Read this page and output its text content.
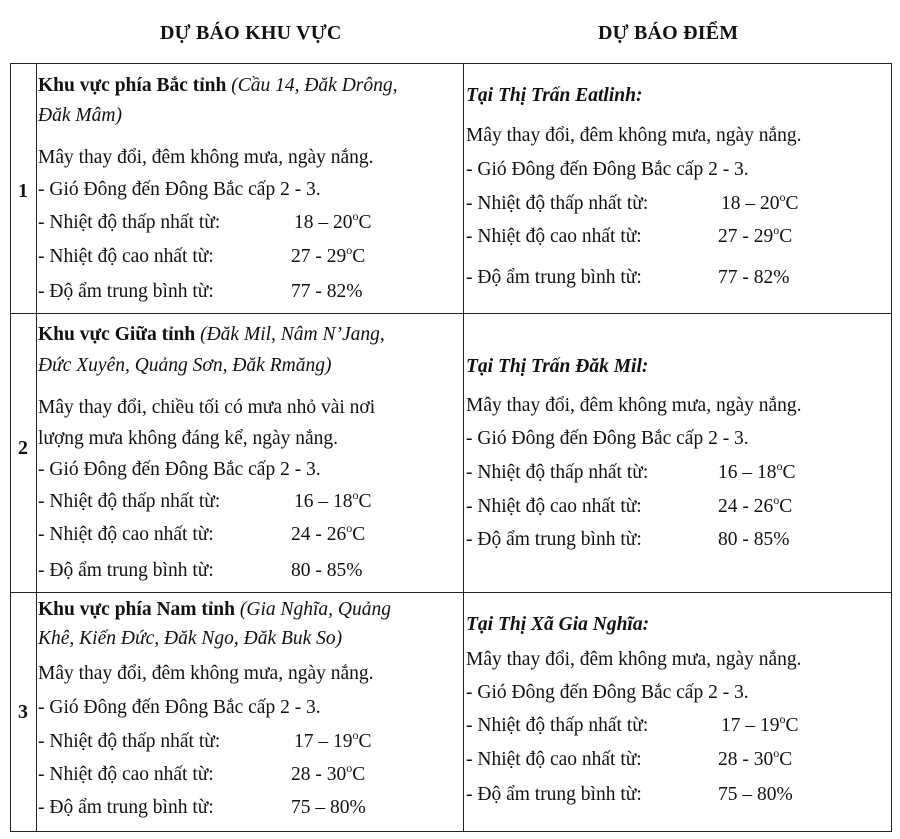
DỰ BÁO KHU VỰC	DỰ BÁO ĐIỂM
1
Khu vực phía Bắc tỉnh (Cầu 14, Đăk Drông,
Đăk Mâm)
Mây thay đổi, đêm không mưa, ngày nắng.
- Gió Đông đến Đông Bắc cấp 2 - 3.
- Nhiệt độ thấp nhất từ:	18 – 20$^o$C
- Nhiệt độ cao nhất từ:	27 - 29$^o$C
- Độ ẩm trung bình từ:	77 - 82%
Tại Thị Trấn Eatlinh:
Mây thay đổi, đêm không mưa, ngày nắng.
- Gió Đông đến Đông Bắc cấp 2 - 3.
- Nhiệt độ thấp nhất từ:	18 – 20$^o$C
- Nhiệt độ cao nhất từ:	27 - 29$^o$C
- Độ ẩm trung bình từ:	77 - 82%
2
Khu vực Giữa tỉnh (Đăk Mil, Nâm N’Jang,
Đức Xuyên, Quảng Sơn, Đăk Rmăng)
Mây thay đổi, chiều tối có mưa nhỏ vài nơi
lượng mưa không đáng kể, ngày nắng.
- Gió Đông đến Đông Bắc cấp 2 - 3.
- Nhiệt độ thấp nhất từ:	16 – 18$^o$C
- Nhiệt độ cao nhất từ:	24 - 26$^o$C
- Độ ẩm trung bình từ:	80 - 85%
Tại Thị Trấn Đăk Mil:
Mây thay đổi, đêm không mưa, ngày nắng.
- Gió Đông đến Đông Bắc cấp 2 - 3.
- Nhiệt độ thấp nhất từ:	16 – 18$^o$C
- Nhiệt độ cao nhất từ:	24 - 26$^o$C
- Độ ẩm trung bình từ:	80 - 85%
3
Khu vực phía Nam tỉnh (Gia Nghĩa, Quảng
Khê, Kiến Đức, Đăk Ngo, Đăk Buk So)
Mây thay đổi, đêm không mưa, ngày nắng.
- Gió Đông đến Đông Bắc cấp 2 - 3.
- Nhiệt độ thấp nhất từ:	17 – 19$^o$C
- Nhiệt độ cao nhất từ:	28 - 30$^o$C
- Độ ẩm trung bình từ:	75 – 80%
Tại Thị Xã Gia Nghĩa:
Mây thay đổi, đêm không mưa, ngày nắng.
- Gió Đông đến Đông Bắc cấp 2 - 3.
- Nhiệt độ thấp nhất từ:	17 – 19$^o$C
- Nhiệt độ cao nhất từ:	28 - 30$^o$C
- Độ ẩm trung bình từ:	75 – 80%
